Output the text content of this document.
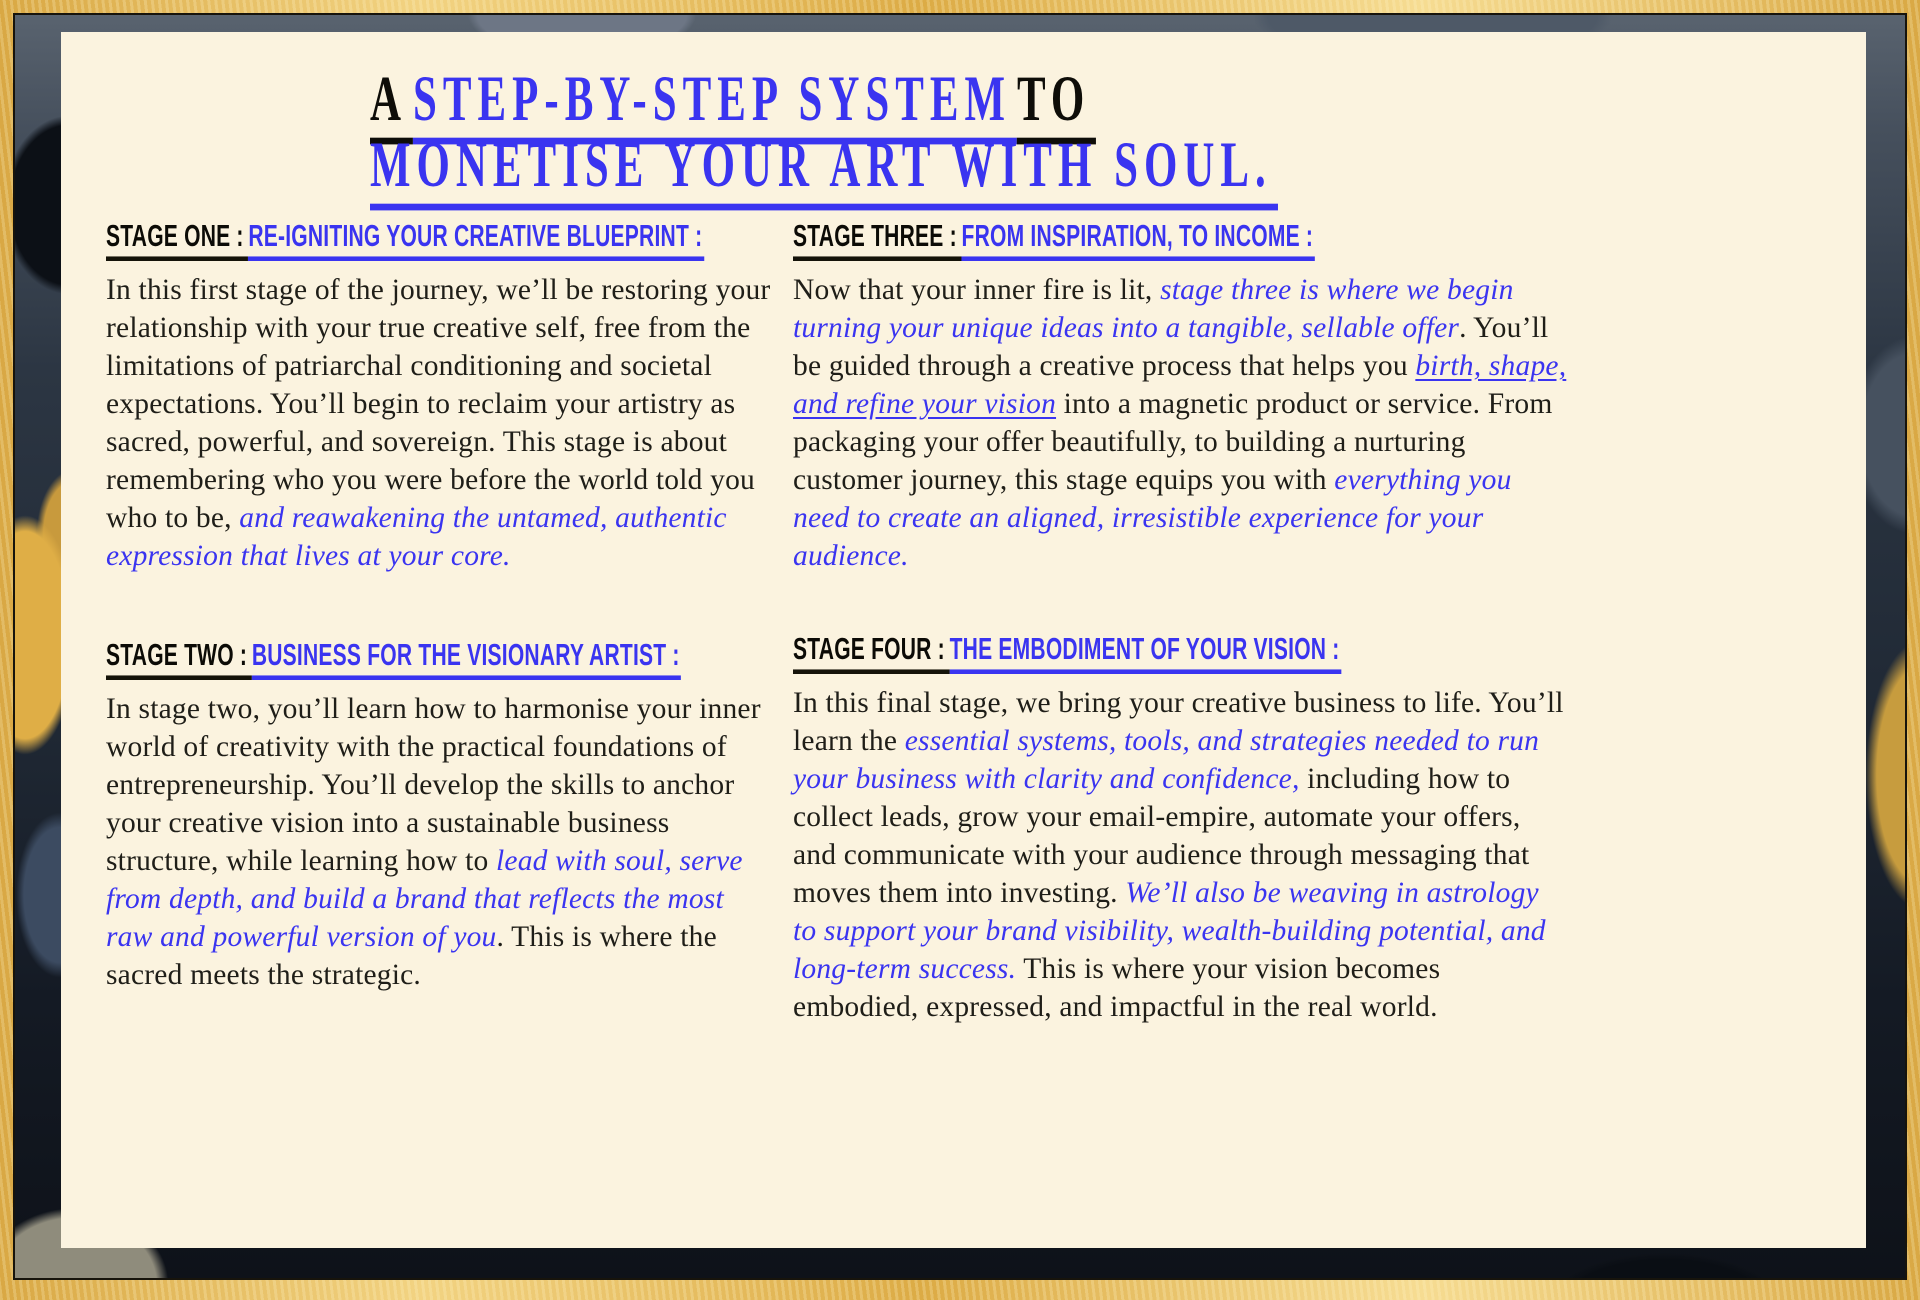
A STEP-BY-STEP SYSTEM TO
MONETISE YOUR ART WITH SOUL.
STAGE ONE : RE-IGNITING YOUR CREATIVE BLUEPRINT :

In this first stage of the journey, we’ll be restoring your relationship with your true creative self, free from the limitations of patriarchal conditioning and societal expectations. You’ll begin to reclaim your artistry as sacred, powerful, and sovereign. This stage is about remembering who you were before the world told you who to be, and reawakening the untamed, authentic expression that lives at your core.

STAGE THREE : FROM INSPIRATION, TO INCOME :

Now that your inner fire is lit, stage three is where we begin turning your unique ideas into a tangible, sellable offer. You’ll be guided through a creative process that helps you birth, shape, and refine your vision into a magnetic product or service. From packaging your offer beautifully, to building a nurturing customer journey, this stage equips you with everything you need to create an aligned, irresistible experience for your audience.

STAGE TWO : BUSINESS FOR THE VISIONARY ARTIST :

In stage two, you’ll learn how to harmonise your inner world of creativity with the practical foundations of entrepreneurship. You’ll develop the skills to anchor your creative vision into a sustainable business structure, while learning how to lead with soul, serve from depth, and build a brand that reflects the most raw and powerful version of you. This is where the sacred meets the strategic.

STAGE FOUR : THE EMBODIMENT OF YOUR VISION :

In this final stage, we bring your creative business to life. You’ll learn the essential systems, tools, and strategies needed to run your business with clarity and confidence, including how to collect leads, grow your email-empire, automate your offers, and communicate with your audience through messaging that moves them into investing. We’ll also be weaving in astrology to support your brand visibility, wealth-building potential, and long-term success. This is where your vision becomes embodied, expressed, and impactful in the real world.
